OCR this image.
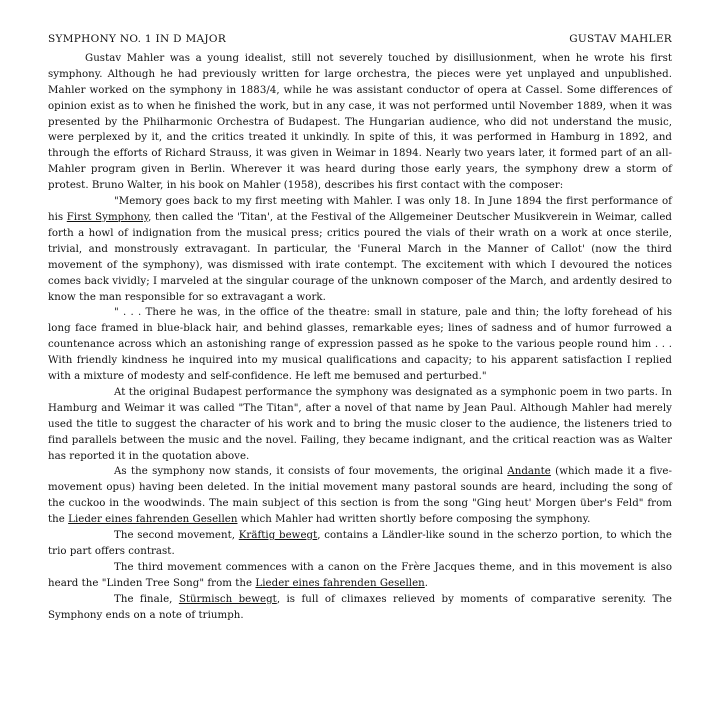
SYMPHONY NO. 1 IN D MAJOR	GUSTAV MAHLER

Gustav Mahler was a young idealist, still not severely touched by disillusionment, when he wrote his first symphony. Although he had previously written for large orchestra, the pieces were yet unplayed and unpublished. Mahler worked on the symphony in 1883/4, while he was assistant conductor of opera at Cassel. Some differences of opinion exist as to when he finished the work, but in any case, it was not performed until November 1889, when it was presented by the Philharmonic Orchestra of Budapest. The Hungarian audience, who did not understand the music, were perplexed by it, and the critics treated it unkindly. In spite of this, it was performed in Hamburg in 1892, and through the efforts of Richard Strauss, it was given in Weimar in 1894. Nearly two years later, it formed part of an all-Mahler program given in Berlin. Wherever it was heard during those early years, the symphony drew a storm of protest. Bruno Walter, in his book on Mahler (1958), describes his first contact with the composer:

"Memory goes back to my first meeting with Mahler. I was only 18. In June 1894 the first performance of his First Symphony, then called the 'Titan', at the Festival of the Allgemeiner Deutscher Musikverein in Weimar, called forth a howl of indignation from the musical press; critics poured the vials of their wrath on a work at once sterile, trivial, and monstrously extravagant. In particular, the 'Funeral March in the Manner of Callot' (now the third movement of the symphony), was dismissed with irate contempt. The excitement with which I devoured the notices comes back vividly; I marveled at the singular courage of the unknown composer of the March, and ardently desired to know the man responsible for so extravagant a work.

" . . . There he was, in the office of the theatre: small in stature, pale and thin; the lofty forehead of his long face framed in blue-black hair, and behind glasses, remarkable eyes; lines of sadness and of humor furrowed a countenance across which an astonishing range of expression passed as he spoke to the various people round him . . . With friendly kindness he inquired into my musical qualifications and capacity; to his apparent satisfaction I replied with a mixture of modesty and self-confidence. He left me bemused and perturbed."

At the original Budapest performance the symphony was designated as a symphonic poem in two parts. In Hamburg and Weimar it was called "The Titan", after a novel of that name by Jean Paul. Although Mahler had merely used the title to suggest the character of his work and to bring the music closer to the audience, the listeners tried to find parallels between the music and the novel. Failing, they became indignant, and the critical reaction was as Walter has reported it in the quotation above.

As the symphony now stands, it consists of four movements, the original Andante (which made it a five-movement opus) having been deleted. In the initial movement many pastoral sounds are heard, including the song of the cuckoo in the woodwinds. The main subject of this section is from the song "Ging heut' Morgen über's Feld" from the Lieder eines fahrenden Gesellen which Mahler had written shortly before composing the symphony.

The second movement, Kräftig bewegt, contains a Ländler-like sound in the scherzo portion, to which the trio part offers contrast.

The third movement commences with a canon on the Frère Jacques theme, and in this movement is also heard the "Linden Tree Song" from the Lieder eines fahrenden Gesellen.

The finale, Stürmisch bewegt, is full of climaxes relieved by moments of comparative serenity. The Symphony ends on a note of triumph.
